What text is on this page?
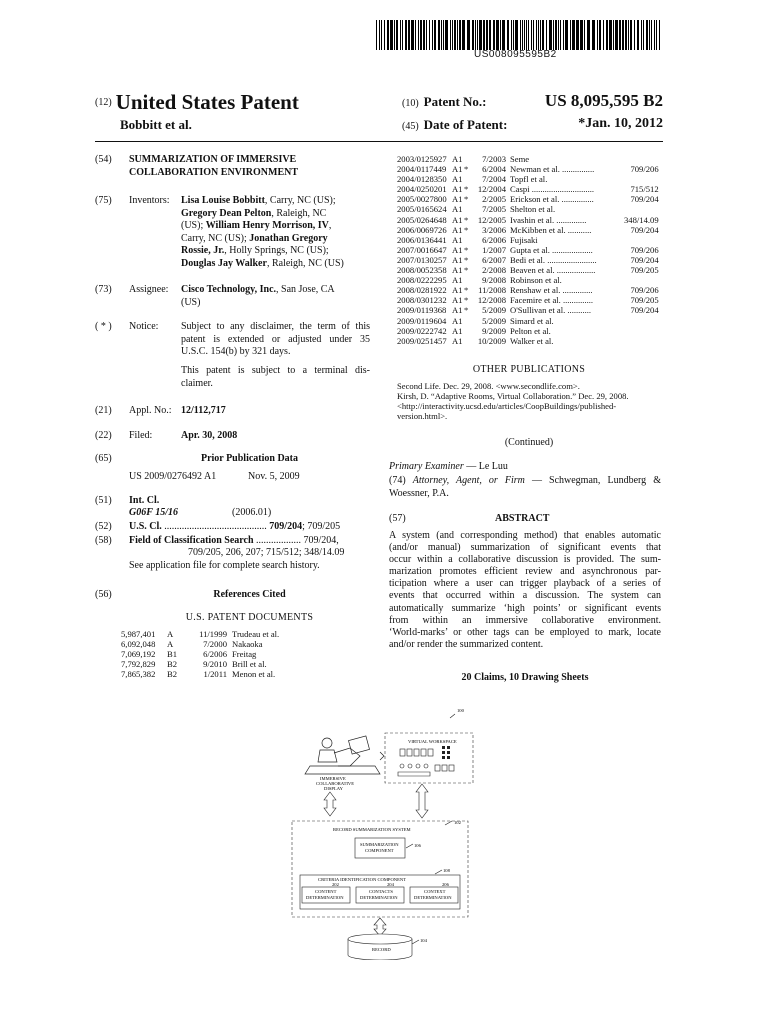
US008095595B2
(12) United States Patent
Bobbitt et al.
(10) Patent No.:	US 8,095,595 B2
(45) Date of Patent:	*Jan. 10, 2012
(54) SUMMARIZATION OF IMMERSIVE
COLLABORATION ENVIRONMENT
(75) Inventors: Lisa Louise Bobbitt, Carry, NC (US);
Gregory Dean Pelton, Raleigh, NC
(US); William Henry Morrison, IV,
Carry, NC (US); Jonathan Gregory
Rossie, Jr., Holly Springs, NC (US);
Douglas Jay Walker, Raleigh, NC (US)
(73) Assignee: Cisco Technology, Inc., San Jose, CA
(US)
( * ) Notice: Subject to any disclaimer, the term of this
patent is extended or adjusted under 35
U.S.C. 154(b) by 321 days.
This patent is subject to a terminal dis-
claimer.
(21) Appl. No.: 12/112,717
(22) Filed:	Apr. 30, 2008
(65)	Prior Publication Data
US 2009/0276492 A1	Nov. 5, 2009
(51) Int. Cl.
G06F 15/16	(2006.01)
(52) U.S. Cl. ......................................... 709/204; 709/205
(58) Field of Classification Search .................. 709/204,
709/205, 206, 207; 715/512; 348/14.09
See application file for complete search history.
(56)	References Cited
U.S. PATENT DOCUMENTS
5,987,401	A	11/1999	Trudeau et al.
6,092,048	A	7/2000	Nakaoka
7,069,192	B1	6/2006	Freitag
7,792,829	B2	9/2010	Brill et al.
7,865,382	B2	1/2011	Menon et al.
2003/0125927	A1		7/2003	Seme	
2004/0117449	A1	*	6/2004	Newman et al. ...............	709/206
2004/0128350	A1		7/2004	Topfl et al.	
2004/0250201	A1	*	12/2004	Caspi .............................	715/512
2005/0027800	A1	*	2/2005	Erickson et al. ...............	709/204
2005/0165624	A1		7/2005	Shelton et al.	
2005/0264648	A1	*	12/2005	Ivashin et al. ..............	348/14.09
2006/0069726	A1	*	3/2006	McKibben et al. ...........	709/204
2006/0136441	A1		6/2006	Fujisaki	
2007/0016647	A1	*	1/2007	Gupta et al. ...................	709/206
2007/0130257	A1	*	6/2007	Bedi et al. .......................	709/204
2008/0052358	A1	*	2/2008	Beaven et al. ..................	709/205
2008/0222295	A1		9/2008	Robinson et al.	
2008/0281922	A1	*	11/2008	Renshaw et al. ..............	709/206
2008/0301232	A1	*	12/2008	Facemire et al. ..............	709/205
2009/0119368	A1	*	5/2009	O'Sullivan et al. ...........	709/204
2009/0119604	A1		5/2009	Simard et al.	
2009/0222742	A1		9/2009	Pelton et al.	
2009/0251457	A1		10/2009	Walker et al.	
OTHER PUBLICATIONS
Second Life. Dec. 29, 2008. <www.secondlife.com>.
Kirsh, D. “Adaptive Rooms, Virtual Collaboration.” Dec. 29, 2008.
<http://interactivity.ucsd.edu/articles/CoopBuildings/published-
version.html>.
(Continued)
Primary Examiner — Le Luu
(74) Attorney, Agent, or Firm — Schwegman, Lundberg &
Woessner, P.A.
(57)	ABSTRACT
A system (and corresponding method) that enables automatic
(and/or manual) summarization of significant events that
occur within a collaborative discussion is provided. The sum-
marization promotes efficient review and asynchronous par-
ticipation where a user can trigger playback of a series of
events that occurred within a discussion. The system can
automatically summarize ‘high points’ or significant events
from within an immersive collaborative environment.
‘World-marks’ or other tags can be employed to mark, locate
and/or render the summarized content.
20 Claims, 10 Drawing Sheets
100
VIRTUAL WORKSPACE
IMMERSIVE
COLLABORATIVE
DISPLAY
RECORD SUMMARIZATION SYSTEM
102
SUMMARIZATION
COMPONENT
106
CRITERIA IDENTIFICATION COMPONENT
108
CONTENT
DETERMINATION
202
CONTACTS
DETERMINATION
204
CONTEXT
DETERMINATION
206
RECORD
104
